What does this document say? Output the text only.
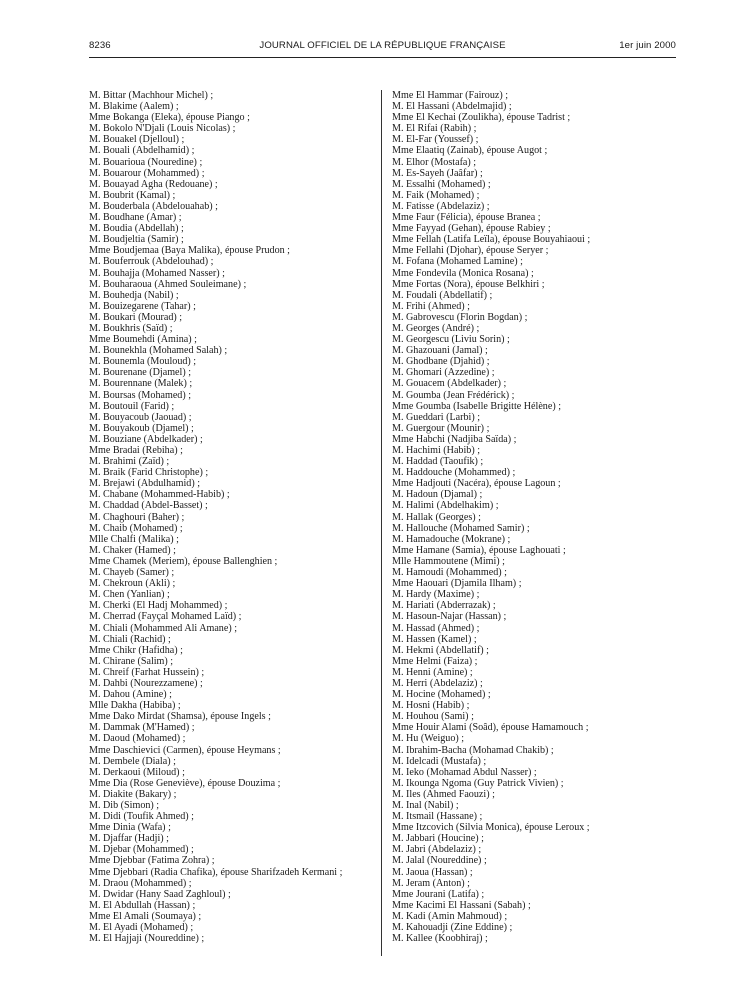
8236	JOURNAL OFFICIEL DE LA RÉPUBLIQUE FRANÇAISE	1er juin 2000
M. Bittar (Machhour Michel) ;
M. Blakime (Aalem) ;
Mme Bokanga (Eleka), épouse Piango ;
M. Bokolo N'Djali (Louis Nicolas) ;
M. Bouakel (Djelloul) ;
M. Bouali (Abdelhamid) ;
M. Bouarioua (Nouredine) ;
M. Bouarour (Mohammed) ;
M. Bouayad Agha (Redouane) ;
M. Boubrit (Kamal) ;
M. Bouderbala (Abdelouahab) ;
M. Boudhane (Amar) ;
M. Boudia (Abdellah) ;
M. Boudjeltia (Samir) ;
Mme Boudjemaa (Baya Malika), épouse Prudon ;
M. Bouferrouk (Abdelouhad) ;
M. Bouhajja (Mohamed Nasser) ;
M. Bouharaoua (Ahmed Souleimane) ;
M. Bouhedja (Nabil) ;
M. Bouizegarene (Tahar) ;
M. Boukari (Mourad) ;
M. Boukhris (Saïd) ;
Mme Boumehdi (Amina) ;
M. Bounekhla (Mohamed Salah) ;
M. Bounemla (Mouloud) ;
M. Bourenane (Djamel) ;
M. Bourennane (Malek) ;
M. Boursas (Mohamed) ;
M. Boutouil (Farid) ;
M. Bouyacoub (Jaouad) ;
M. Bouyakoub (Djamel) ;
M. Bouziane (Abdelkader) ;
Mme Bradai (Rebiha) ;
M. Brahimi (Zaïd) ;
M. Braik (Farid Christophe) ;
M. Brejawi (Abdulhamid) ;
M. Chabane (Mohammed-Habib) ;
M. Chaddad (Abdel-Basset) ;
M. Chaghouri (Baher) ;
M. Chaib (Mohamed) ;
Mlle Chalfi (Malika) ;
M. Chaker (Hamed) ;
Mme Chamek (Meriem), épouse Ballenghien ;
M. Chayeb (Samer) ;
M. Chekroun (Akli) ;
M. Chen (Yanlian) ;
M. Cherki (El Hadj Mohammed) ;
M. Cherrad (Fayçal Mohamed Laïd) ;
M. Chiali (Mohammed Ali Amane) ;
M. Chiali (Rachid) ;
Mme Chikr (Hafidha) ;
M. Chirane (Salim) ;
M. Chreif (Farhat Hussein) ;
M. Dahbi (Nourezzamene) ;
M. Dahou (Amine) ;
Mlle Dakha (Habiba) ;
Mme Dako Mirdat (Shamsa), épouse Ingels ;
M. Dammak (M'Hamed) ;
M. Daoud (Mohamed) ;
Mme Daschievici (Carmen), épouse Heymans ;
M. Dembele (Diala) ;
M. Derkaoui (Miloud) ;
Mme Dia (Rose Geneviève), épouse Douzima ;
M. Diakite (Bakary) ;
M. Dib (Simon) ;
M. Didi (Toufik Ahmed) ;
Mme Dinia (Wafa) ;
M. Djaffar (Hadji) ;
M. Djebar (Mohammed) ;
Mme Djebbar (Fatima Zohra) ;
Mme Djebbari (Radia Chafika), épouse Sharifzadeh Kermani ;
M. Draou (Mohammed) ;
M. Dwidar (Hany Saad Zaghloul) ;
M. El Abdullah (Hassan) ;
Mme El Amali (Soumaya) ;
M. El Ayadi (Mohamed) ;
M. El Hajjaji (Noureddine) ;
Mme El Hammar (Fairouz) ;
M. El Hassani (Abdelmajid) ;
Mme El Kechai (Zoulikha), épouse Tadrist ;
M. El Rifai (Rabih) ;
M. El-Far (Youssef) ;
Mme Elaatiq (Zainab), épouse Augot ;
M. Elhor (Mostafa) ;
M. Es-Sayeh (Jaâfar) ;
M. Essalhi (Mohamed) ;
M. Faik (Mohamed) ;
M. Fatisse (Abdelaziz) ;
Mme Faur (Félicia), épouse Branea ;
Mme Fayyad (Gehan), épouse Rabiey ;
Mme Fellah (Latifa Leïla), épouse Bouyahiaoui ;
Mme Fellahi (Djohar), épouse Seryer ;
M. Fofana (Mohamed Lamine) ;
Mme Fondevila (Monica Rosana) ;
Mme Fortas (Nora), épouse Belkhiri ;
M. Foudali (Abdellatif) ;
M. Frihi (Ahmed) ;
M. Gabrovescu (Florin Bogdan) ;
M. Georges (André) ;
M. Georgescu (Liviu Sorin) ;
M. Ghazouani (Jamal) ;
M. Ghodbane (Djahid) ;
M. Ghomari (Azzedine) ;
M. Gouacem (Abdelkader) ;
M. Goumba (Jean Frédérick) ;
Mme Goumba (Isabelle Brigitte Hélène) ;
M. Gueddari (Larbi) ;
M. Guergour (Mounir) ;
Mme Habchi (Nadjiba Saïda) ;
M. Hachimi (Habib) ;
M. Haddad (Taoufik) ;
M. Haddouche (Mohammed) ;
Mme Hadjouti (Nacéra), épouse Lagoun ;
M. Hadoun (Djamal) ;
M. Halimi (Abdelhakim) ;
M. Hallak (Georges) ;
M. Hallouche (Mohamed Samir) ;
M. Hamadouche (Mokrane) ;
Mme Hamane (Samia), épouse Laghouati ;
Mlle Hammoutene (Mimi) ;
M. Hamoudi (Mohammed) ;
Mme Haouari (Djamila Ilham) ;
M. Hardy (Maxime) ;
M. Hariati (Abderrazak) ;
M. Hasoun-Najar (Hassan) ;
M. Hassad (Ahmed) ;
M. Hassen (Kamel) ;
M. Hekmi (Abdellatif) ;
Mme Helmi (Faiza) ;
M. Henni (Amine) ;
M. Herri (Abdelaziz) ;
M. Hocine (Mohamed) ;
M. Hosni (Habib) ;
M. Houhou (Sami) ;
Mme Houir Alami (Soâd), épouse Hamamouch ;
M. Hu (Weiguo) ;
M. Ibrahim-Bacha (Mohamad Chakib) ;
M. Idelcadi (Mustafa) ;
M. Ieko (Mohamad Abdul Nasser) ;
M. Ikounga Ngoma (Guy Patrick Vivien) ;
M. Iles (Ahmed Faouzi) ;
M. Inal (Nabil) ;
M. Itsmail (Hassane) ;
Mme Itzcovich (Silvia Monica), épouse Leroux ;
M. Jabbari (Houcine) ;
M. Jabri (Abdelaziz) ;
M. Jalal (Noureddine) ;
M. Jaoua (Hassan) ;
M. Jeram (Anton) ;
Mme Jourani (Latifa) ;
Mme Kacimi El Hassani (Sabah) ;
M. Kadi (Amin Mahmoud) ;
M. Kahouadji (Zine Eddine) ;
M. Kallee (Koobhiraj) ;
